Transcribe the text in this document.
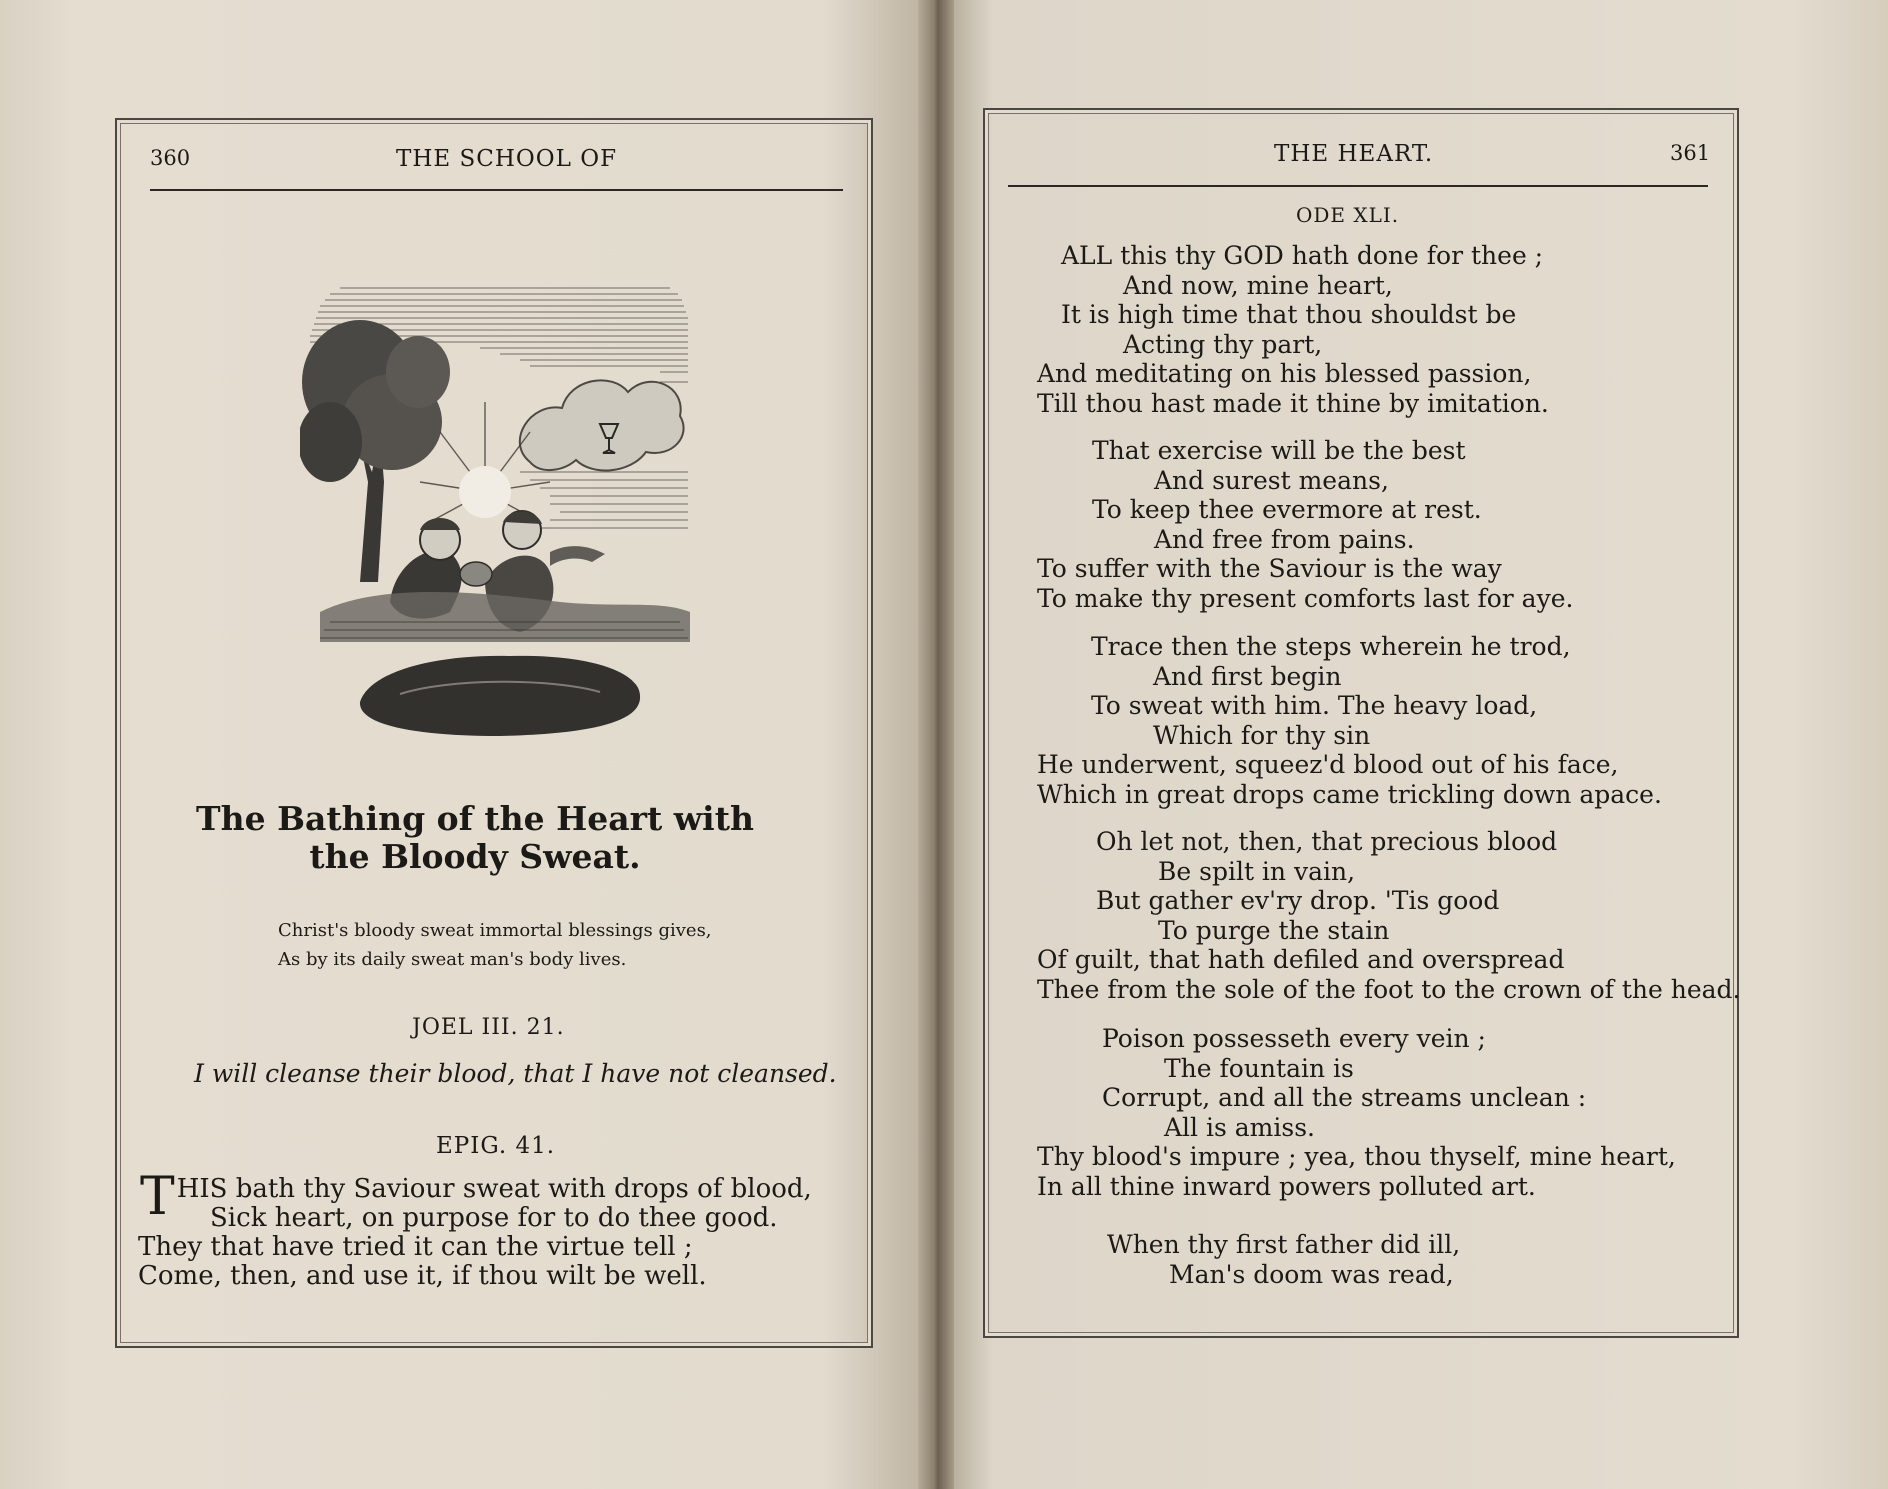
360	THE SCHOOL OF
The Bathing of the Heart with the Bloody Sweat.
Christ's bloody sweat immortal blessings gives,
As by its daily sweat man's body lives.
JOEL III. 21.
I will cleanse their blood, that I have not cleansed.
EPIG. 41.
T HIS bath thy Saviour sweat with drops of blood,
Sick heart, on purpose for to do thee good.
They that have tried it can the virtue tell ;
Come, then, and use it, if thou wilt be well.
THE HEART.	361
ODE XLI.
ALL this thy GOD hath done for thee ;
And now, mine heart,
It is high time that thou shouldst be
Acting thy part,
And meditating on his blessed passion,
Till thou hast made it thine by imitation.
That exercise will be the best
And surest means,
To keep thee evermore at rest.
And free from pains.
To suffer with the Saviour is the way
To make thy present comforts last for aye.
Trace then the steps wherein he trod,
And first begin
To sweat with him. The heavy load,
Which for thy sin
He underwent, squeez'd blood out of his face,
Which in great drops came trickling down apace.
Oh let not, then, that precious blood
Be spilt in vain,
But gather ev'ry drop. 'Tis good
To purge the stain
Of guilt, that hath defiled and overspread
Thee from the sole of the foot to the crown of the head.
Poison possesseth every vein ;
The fountain is
Corrupt, and all the streams unclean :
All is amiss.
Thy blood's impure ; yea, thou thyself, mine heart,
In all thine inward powers polluted art.
When thy first father did ill,
Man's doom was read,
